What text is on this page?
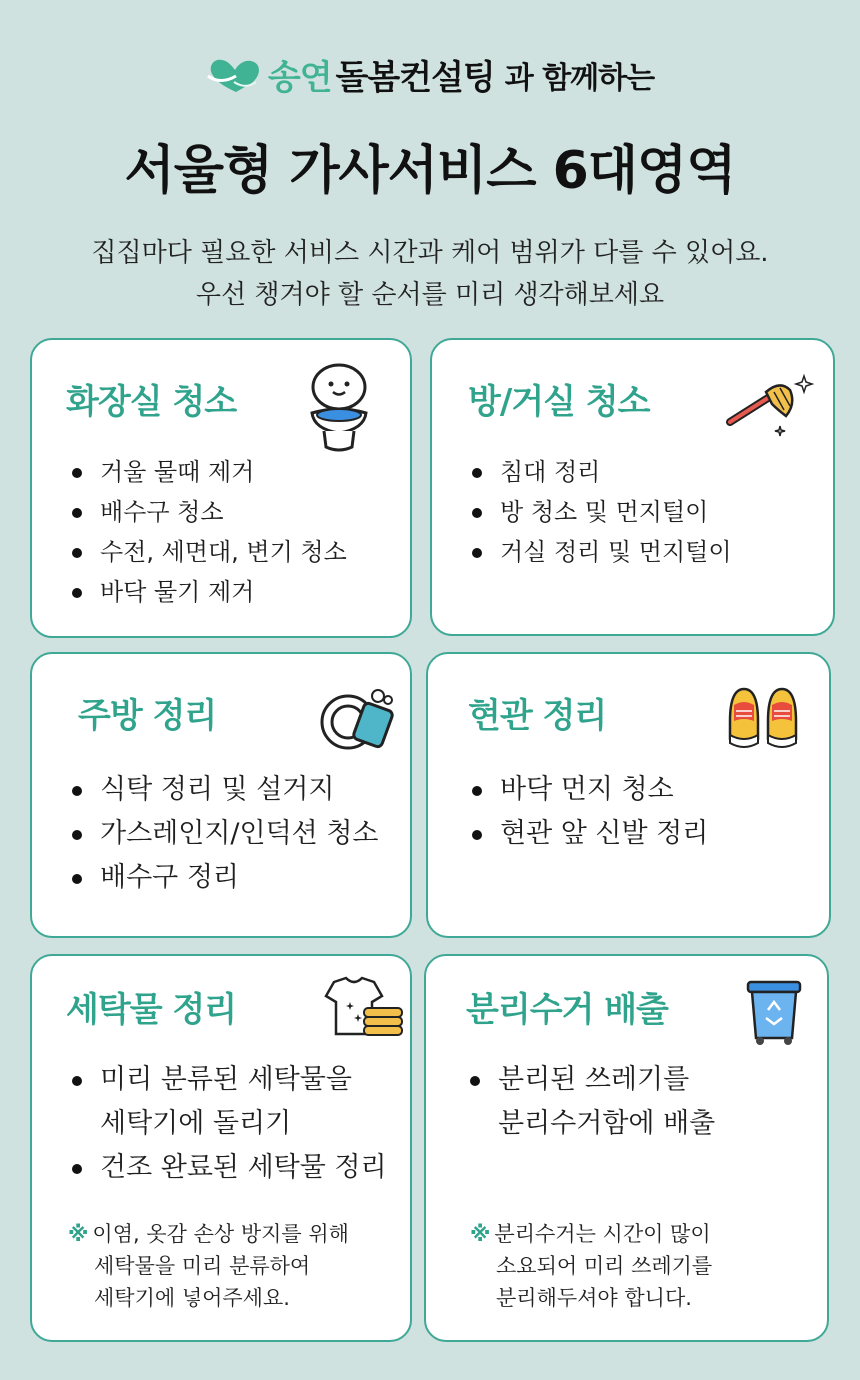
송연 돌봄컨설팅 과 함께하는
서울형 가사서비스 6대영역
집집마다 필요한 서비스 시간과 케어 범위가 다를 수 있어요.
우선 챙겨야 할 순서를 미리 생각해보세요
화장실 청소
거울 물때 제거
배수구 청소
수전, 세면대, 변기 청소
바닥 물기 제거
방/거실 청소
침대 정리
방 청소 및 먼지털이
거실 정리 및 먼지털이
주방 정리
식탁 정리 및 설거지
가스레인지/인덕션 청소
배수구 정리
현관 정리
바닥 먼지 청소
현관 앞 신발 정리
세탁물 정리
미리 분류된 세탁물을
세탁기에 돌리기
건조 완료된 세탁물 정리
※ 이염, 옷감 손상 방지를 위해
세탁물을 미리 분류하여
세탁기에 넣어주세요.
분리수거 배출
분리된 쓰레기를
분리수거함에 배출
※ 분리수거는 시간이 많이
소요되어 미리 쓰레기를
분리해두셔야 합니다.
